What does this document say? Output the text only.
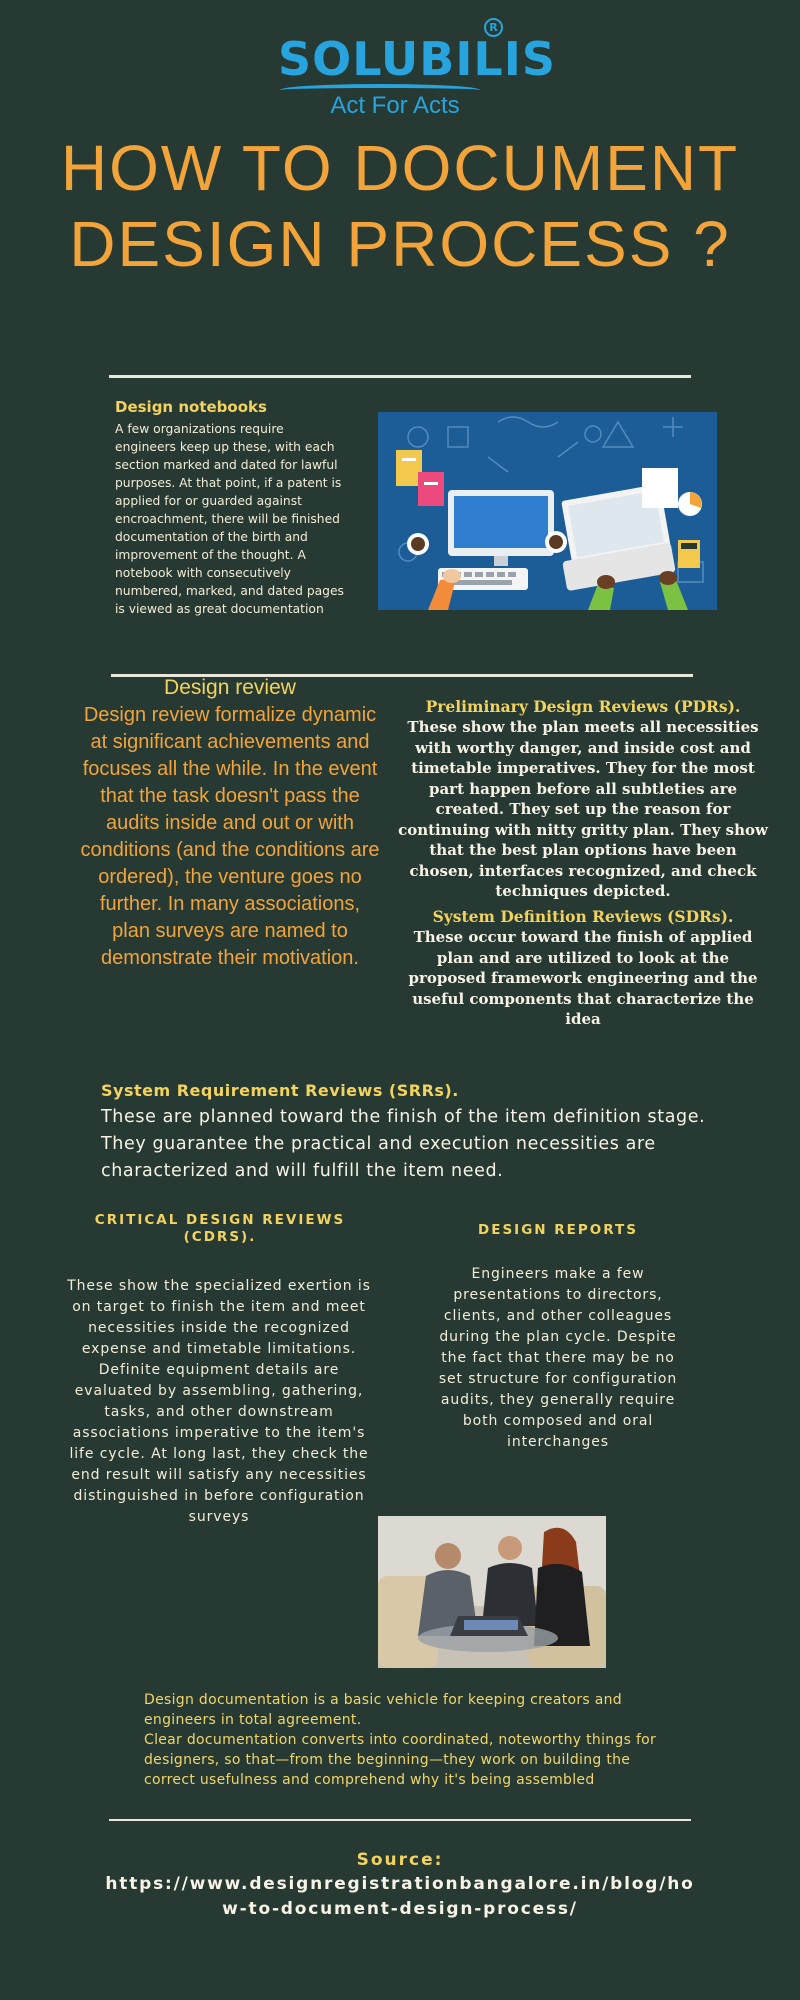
SOLUBILIS
R
Act For Acts
HOW TO DOCUMENT
DESIGN PROCESS ?
Design notebooks
A few organizations require engineers keep up these, with each section marked and dated for lawful purposes. At that point, if a patent is applied for or guarded against encroachment, there will be finished documentation of the birth and improvement of the thought. A notebook with consecutively numbered, marked, and dated pages is viewed as great documentation
Design review
Design review formalize dynamic at significant achievements and focuses all the while. In the event that the task doesn't pass the audits inside and out or with conditions (and the conditions are ordered), the venture goes no further. In many associations, plan surveys are named to demonstrate their motivation.
Preliminary Design Reviews (PDRs).
These show the plan meets all necessities with worthy danger, and inside cost and timetable imperatives. They for the most part happen before all subtleties are created. They set up the reason for continuing with nitty gritty plan. They show that the best plan options have been chosen, interfaces recognized, and check techniques depicted.
System Definition Reviews (SDRs).
These occur toward the finish of applied plan and are utilized to look at the proposed framework engineering and the useful components that characterize the idea
System Requirement Reviews (SRRs).
These are planned toward the finish of the item definition stage. They guarantee the practical and execution necessities are characterized and will fulfill the item need.
CRITICAL DESIGN REVIEWS (CDRS).
These show the specialized exertion is on target to finish the item and meet necessities inside the recognized expense and timetable limitations. Definite equipment details are evaluated by assembling, gathering, tasks, and other downstream associations imperative to the item's life cycle. At long last, they check the end result will satisfy any necessities distinguished in before configuration surveys
DESIGN REPORTS
Engineers make a few presentations to directors, clients, and other colleagues during the plan cycle. Despite the fact that there may be no set structure for configuration audits, they generally require both composed and oral interchanges
Design documentation is a basic vehicle for keeping creators and engineers in total agreement.
Clear documentation converts into coordinated, noteworthy things for designers, so that—from the beginning—they work on building the correct usefulness and comprehend why it's being assembled
Source:
https://www.designregistrationbangalore.in/blog/how-to-document-design-process/
